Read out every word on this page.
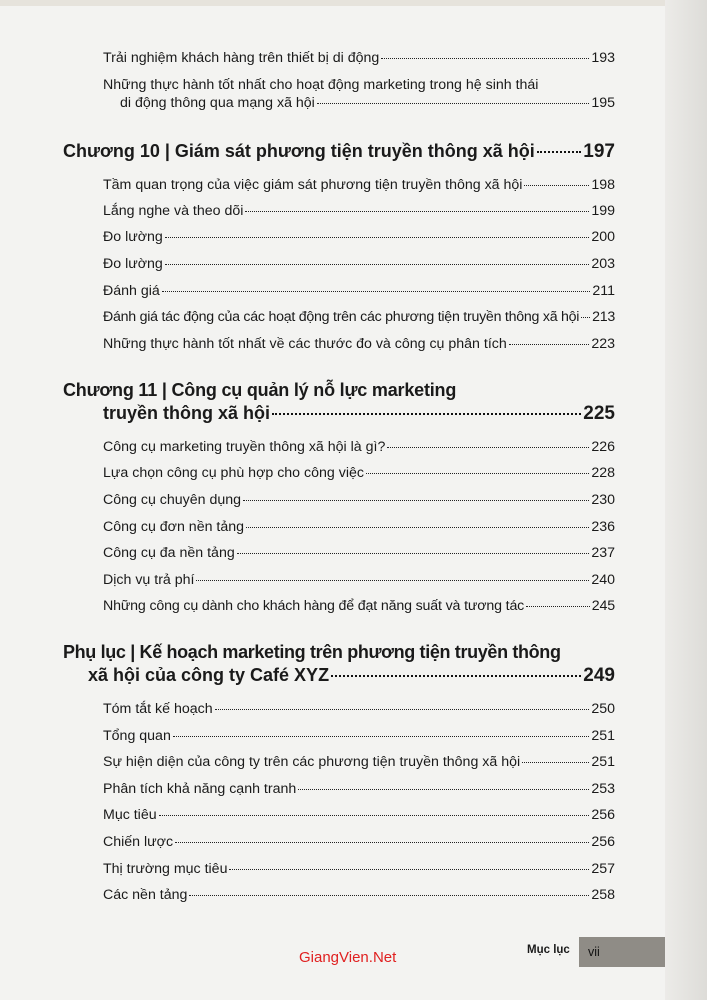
Trải nghiệm khách hàng trên thiết bị di động	193
Những thực hành tốt nhất cho hoạt động marketing trong hệ sinh thái
di động thông qua mạng xã hội	195
Chương 10 | Giám sát phương tiện truyền thông xã hội	197
Tầm quan trọng của việc giám sát phương tiện truyền thông xã hội	198
Lắng nghe và theo dõi	199
Đo lường	200
Đo lường	203
Đánh giá	211
Đánh giá tác động của các hoạt động trên các phương tiện truyền thông xã hội 213
Những thực hành tốt nhất về các thước đo và công cụ phân tích	223
Chương 11 | Công cụ quản lý nỗ lực marketing
truyền thông xã hội	225
Công cụ marketing truyền thông xã hội là gì?	226
Lựa chọn công cụ phù hợp cho công việc	228
Công cụ chuyên dụng	230
Công cụ đơn nền tảng	236
Công cụ đa nền tảng	237
Dịch vụ trả phí	240
Những công cụ dành cho khách hàng để đạt năng suất và tương tác	245
Phụ lục | Kế hoạch marketing trên phương tiện truyền thông
xã hội của công ty Café XYZ	249
Tóm tắt kế hoạch	250
Tổng quan	251
Sự hiện diện của công ty trên các phương tiện truyền thông xã hội	251
Phân tích khả năng cạnh tranh	253
Mục tiêu	256
Chiến lược	256
Thị trường mục tiêu	257
Các nền tảng	258
Mục lục vii
GiangVien.Net
